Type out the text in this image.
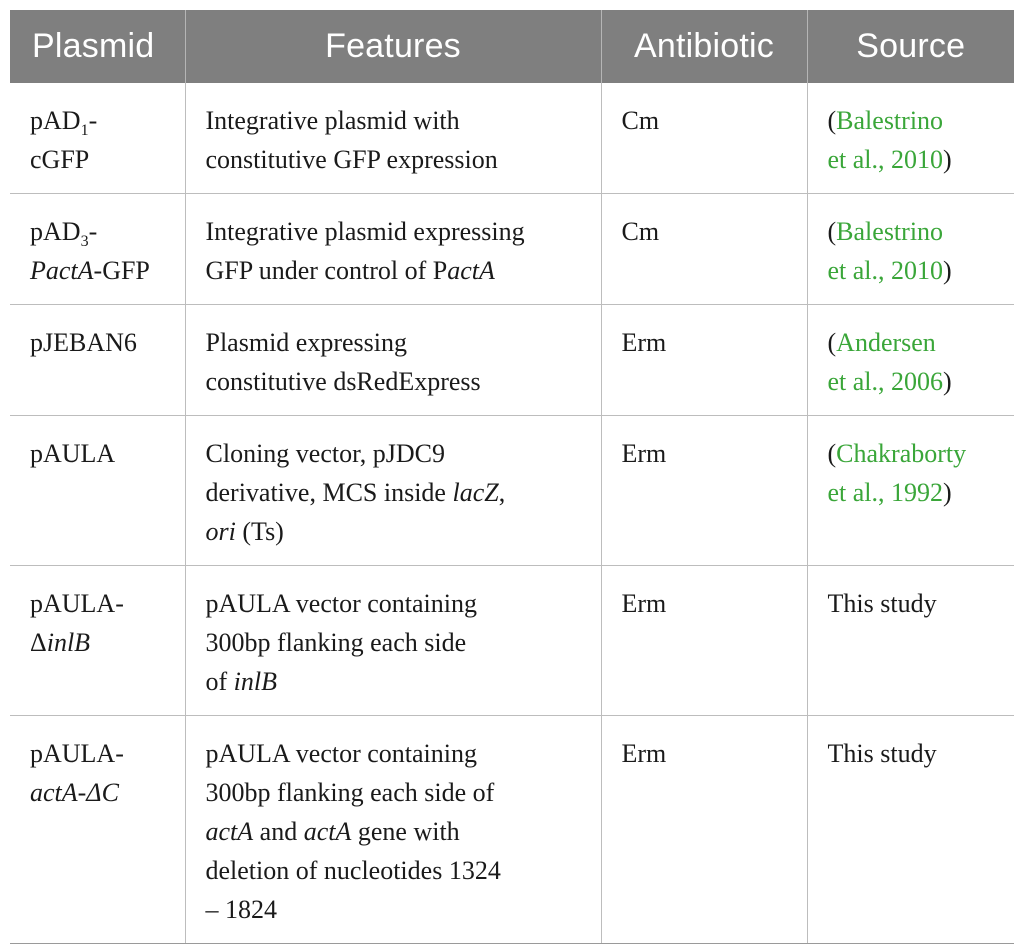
Plasmid	Features	Antibiotic	Source

pAD$_1$-
cGFP	Integrative plasmid with
constitutive GFP expression	Cm	(Balestrino
et al., 2010)

pAD$_3$-
PactA-GFP	Integrative plasmid expressing
GFP under control of PactA	Cm	(Balestrino
et al., 2010)

pJEBAN6	Plasmid expressing
constitutive dsRedExpress	Erm	(Andersen
et al., 2006)

pAULA	Cloning vector, pJDC9
derivative, MCS inside lacZ,
ori (Ts)	Erm	(Chakraborty
et al., 1992)

pAULA-
ΔinlB	pAULA vector containing
300bp flanking each side
of inlB	Erm	This study

pAULA-
actA-ΔC	pAULA vector containing
300bp flanking each side of
actA and actA gene with
deletion of nucleotides 1324
– 1824	Erm	This study
